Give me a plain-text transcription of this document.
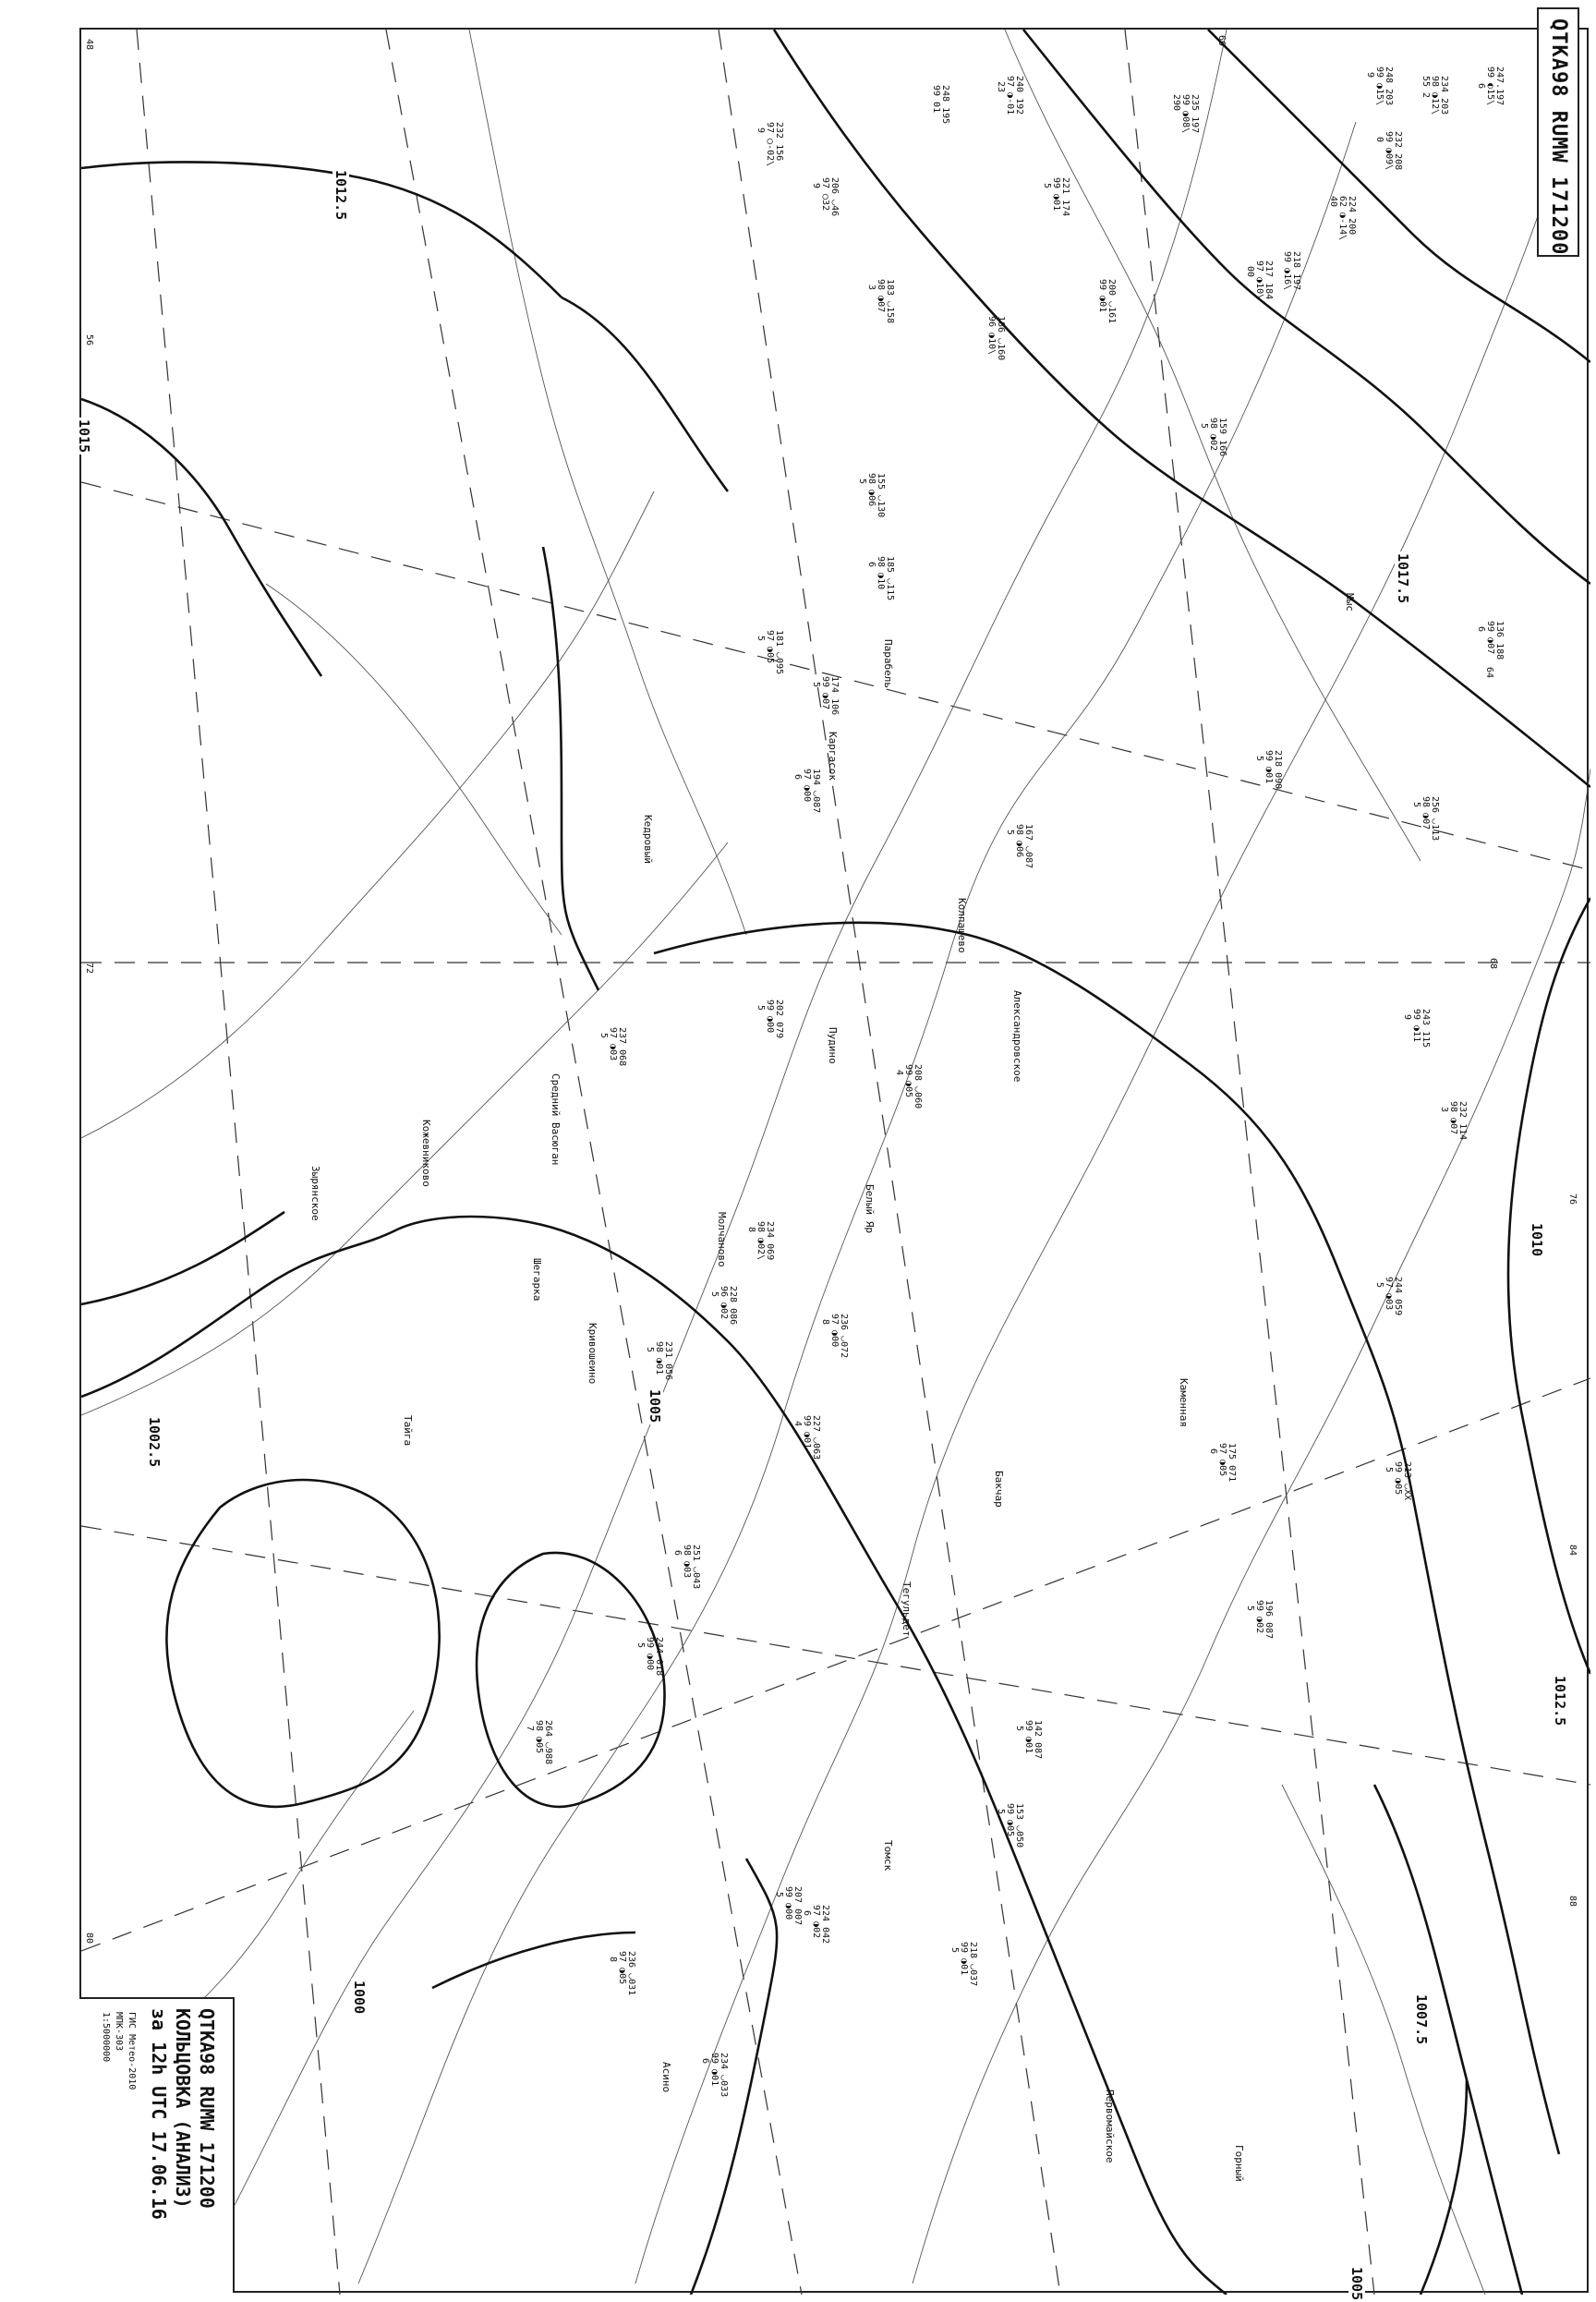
1012.5
1017.5
1015
1010
1005
1002.5
1000	1007.5
1012.5
1005
Александровское
Каменная
Мыс
Горный
Бакчар
Тегульдет
Белый Яр
Пудино
Средний Васюган
Кедровый
Парабель
Каргасок
Колпашево
Молчаново
Кривошеино
Шегарка
Томск
Кожевниково
Зырянское
Тайга
Асино
Первомайское
247.197
99 ◐15\
6
234 203
98 ◑12\
55 2
232 208
99 ◑09\
0
248 203
99 ◑15\
9
224 200
62 ◑-14\
40
218 197
99 ◑16\
217 184
97 ◑10\
00
235 197
99 ◑08\
290
221 174
99 ◑01
5
240 192
97 ◑-01
23
248 195
99 01
206 ◡46
97 ◯32
9
232 156
97 ◯-02\
9
183 ◡158
98 ◑07
3	200 ◡161
99 ◑01
186 ◡160
96 ◑10\
155 ◡130
98 ◑06
5
185 ◡115
98 ◑10
6
181 ◡095
97 ◑05
5
174 106
99 ◑07
5
194 ◡087
97 ◑00
6
167 ◡087
98 ◑06
5
208 ◡060
99 ◑05
4
202 079
99 ◑00
5
237 068
97 ◑03
5
234 069
98 ◑02\
8
228 086
96 ◑02
5
236 ◡072
97 ◑00
8
231 056
98 ◑01
5
227 ◡063
99 ◑01
4
251 ◡043
98 ◑03
6
244 018
99 ◑00
5
264 ◡988
98 ◑05
7
234 ◡033
99 ◑01
6
236 ◡031
97 ◑05
8
218 ◡037
99 ◑01
5
207 007
99 ◑00
5
224 042
97 ◑02
6
153 ◡050
99 ◑05
5
142 087
99 ◑01
5
175 071
97 ◑05
6
196 087
99 ◑02
5
213 ◡XX
99 ◑05
5
244 059
97 ◑03
5
232 114
98 ◑07
3
243 115
99 ◑11
9
218 090
99 ◑01
5
256 ◡113
98 ◑07
5
136 188
99 ◑07
6
159 166
98 ◑02
5
48
56
60
64
68
72
76
80
84
88
QTKA98 RUMW 171200
QTKA98 RUMW 171200
КОЛЬЦОВКА (АНАЛИЗ)
за 12h UTC 17.06.16
ГИС Метео-2010
МПК-303
1:5000000
